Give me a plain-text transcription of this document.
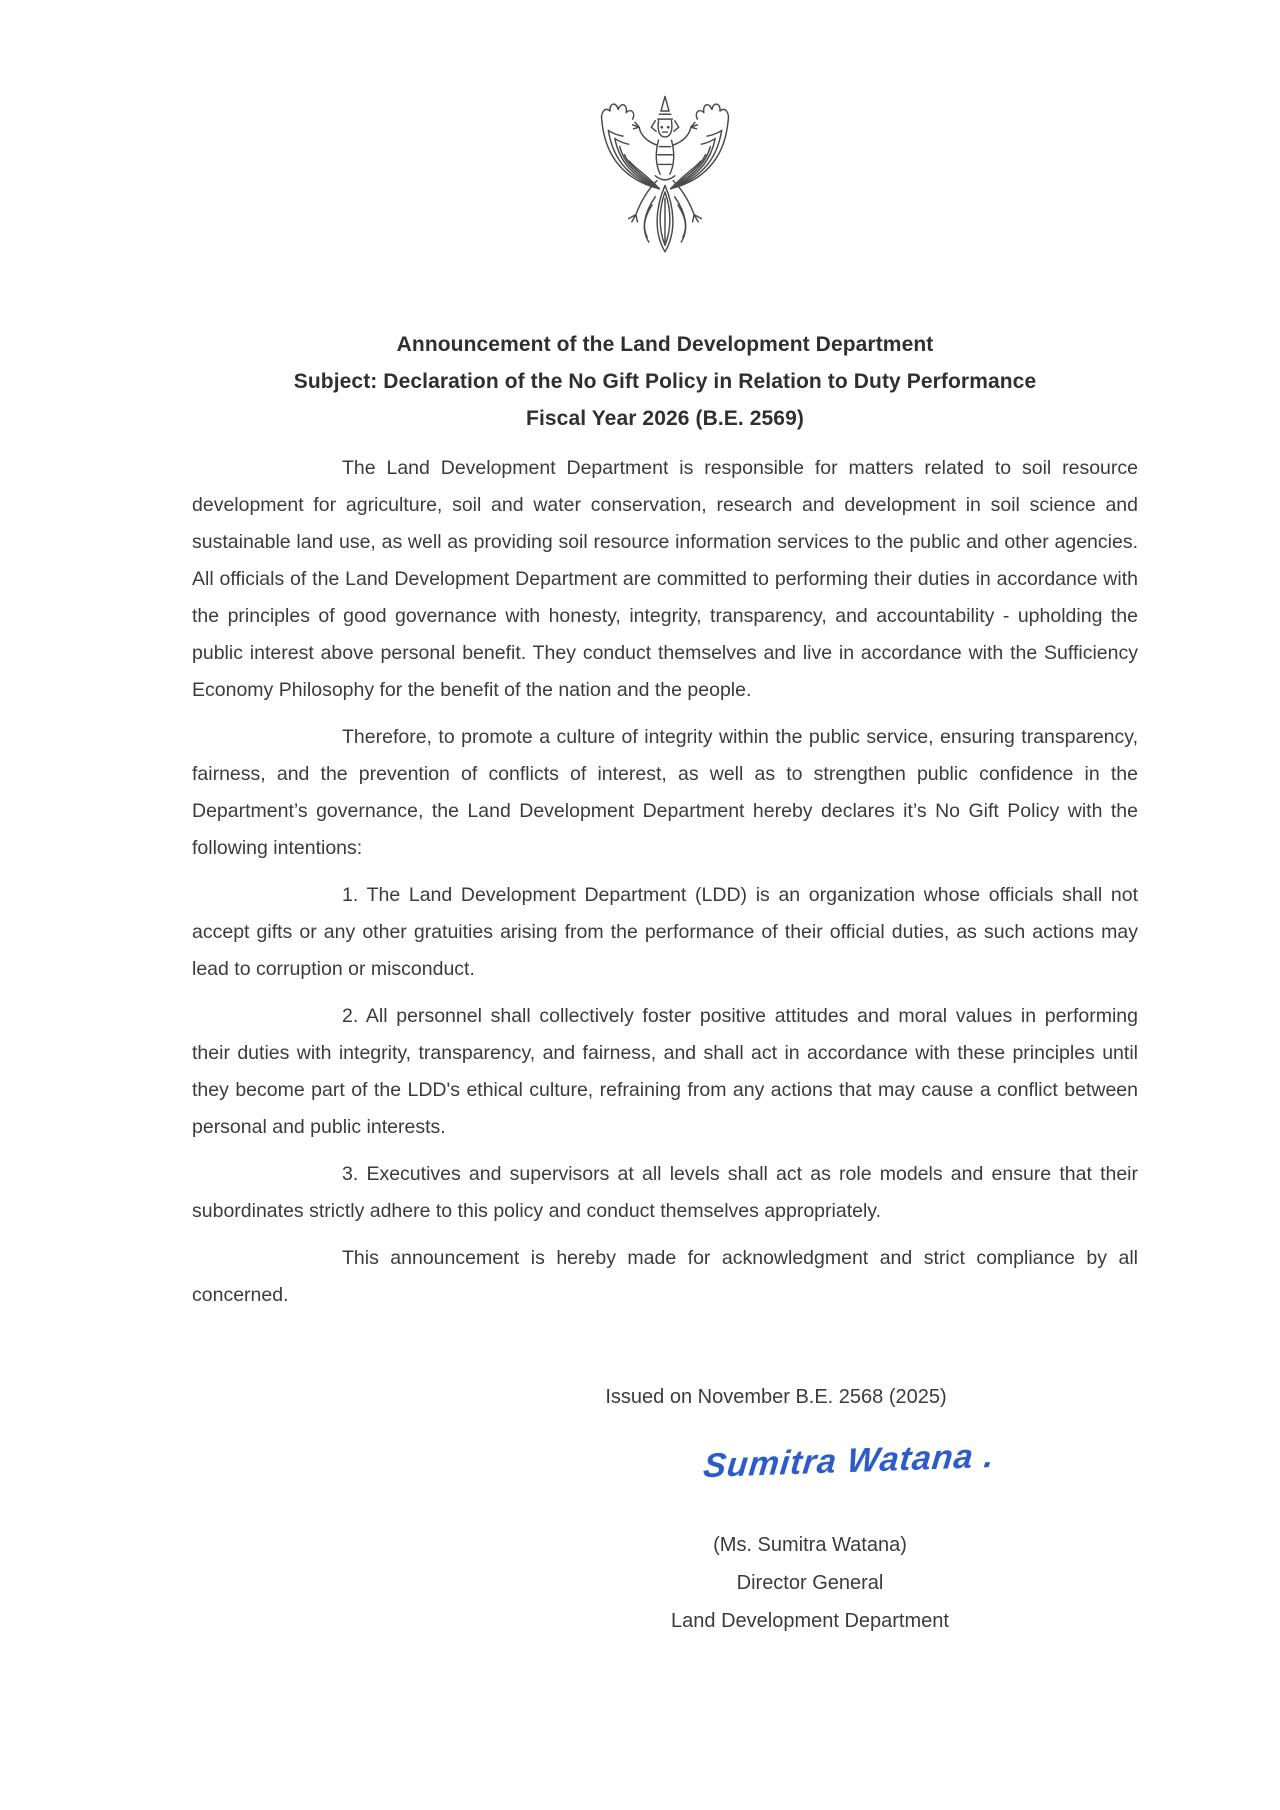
Announcement of the Land Development Department
Subject: Declaration of the No Gift Policy in Relation to Duty Performance
Fiscal Year 2026 (B.E. 2569)

The Land Development Department is responsible for matters related to soil resource development for agriculture, soil and water conservation, research and development in soil science and sustainable land use, as well as providing soil resource information services to the public and other agencies. All officials of the Land Development Department are committed to performing their duties in accordance with the principles of good governance with honesty, integrity, transparency, and accountability - upholding the public interest above personal benefit. They conduct themselves and live in accordance with the Sufficiency Economy Philosophy for the benefit of the nation and the people.

Therefore, to promote a culture of integrity within the public service, ensuring transparency, fairness, and the prevention of conflicts of interest, as well as to strengthen public confidence in the Department’s governance, the Land Development Department hereby declares it’s No Gift Policy with the following intentions:

1. The Land Development Department (LDD) is an organization whose officials shall not accept gifts or any other gratuities arising from the performance of their official duties, as such actions may lead to corruption or misconduct.

2. All personnel shall collectively foster positive attitudes and moral values in performing their duties with integrity, transparency, and fairness, and shall act in accordance with these principles until they become part of the LDD's ethical culture, refraining from any actions that may cause a conflict between personal and public interests.

3. Executives and supervisors at all levels shall act as role models and ensure that their subordinates strictly adhere to this policy and conduct themselves appropriately.

This announcement is hereby made for acknowledgment and strict compliance by all concerned.

Issued on November B.E. 2568 (2025)
Sumitra Watana .
(Ms. Sumitra Watana)
Director General
Land Development Department
